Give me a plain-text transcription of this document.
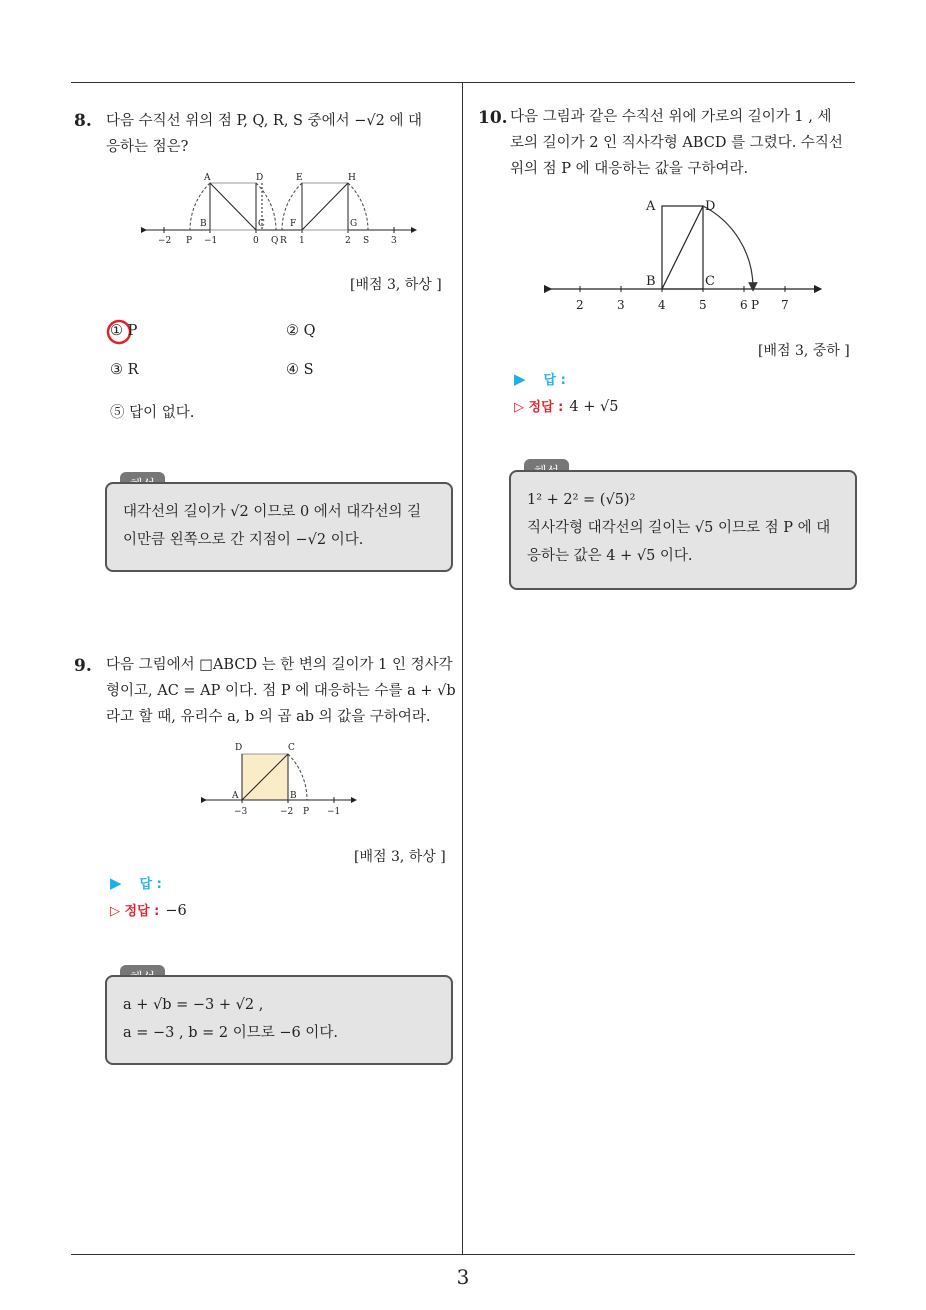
8. 다음 수직선 위의 점 P, Q, R, S 중에서 −√2 에 대
응하는 점은?
A	D	E	H
B	C	F	G
−2 P −1	0 Q R 1	2 S 3
[배점 3, 하상 ]
① P	② Q
③ R	④ S
⑤ 답이 없다.
대각선의 길이가 √2 이므로 0 에서 대각선의 길
이만큼 왼쪽으로 간 지점이 −√2 이다.
9. 다음 그림에서 □ABCD 는 한 변의 길이가 1 인 정사각
형이고, AC = AP 이다. 점 P 에 대응하는 수를 a + √b
라고 할 때, 유리수 a, b 의 곱 ab 의 값을 구하여라.
D	C
A	B
−3	−2 P −1
[배점 3, 하상 ]
▶ 답 :
▷ 정답 : −6
a + √b = −3 + √2 ,
a = −3 , b = 2 이므로 −6 이다.
10. 다음 그림과 같은 수직선 위에 가로의 길이가 1 , 세
로의 길이가 2 인 직사각형 ABCD 를 그렸다. 수직선
위의 점 P 에 대응하는 값을 구하여라.
A	D
B	C
2	3	4	5	6 P 7
[배점 3, 중하 ]
▶ 답 :
▷ 정답 : 4 + √5
1² + 2² = (√5)²
직사각형 대각선의 길이는 √5 이므로 점 P 에 대
응하는 값은 4 + √5 이다.
3
